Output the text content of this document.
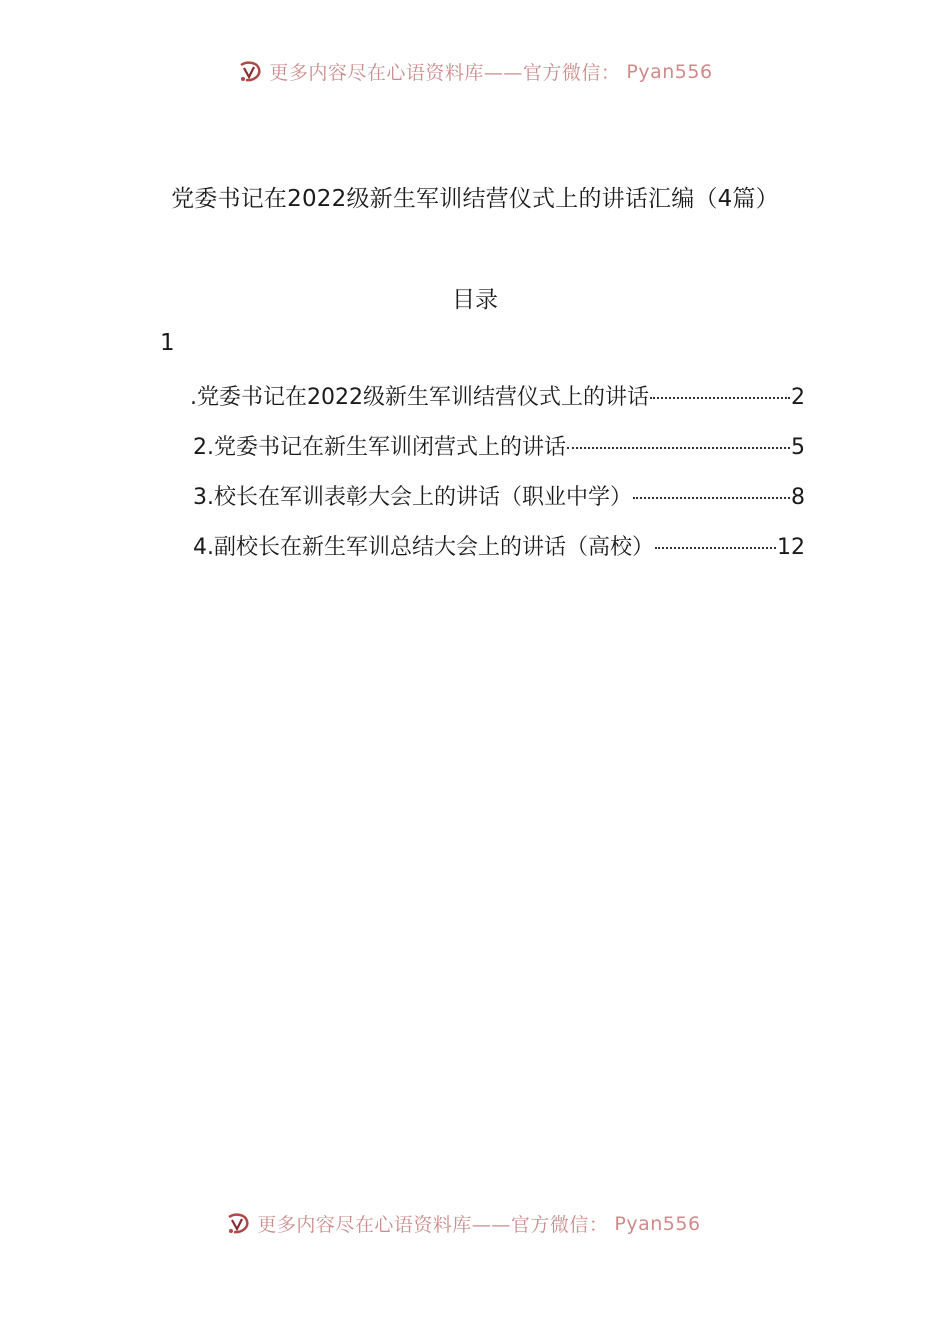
更多内容尽在心语资料库——官方微信： Pyan556
党委书记在2022级新生军训结营仪式上的讲话汇编（4篇）
目录
1
.党委书记在2022级新生军训结营仪式上的讲话	2
2.党委书记在新生军训闭营式上的讲话	5
3.校长在军训表彰大会上的讲话（职业中学）	8
4.副校长在新生军训总结大会上的讲话（高校）	12
更多内容尽在心语资料库——官方微信： Pyan556
